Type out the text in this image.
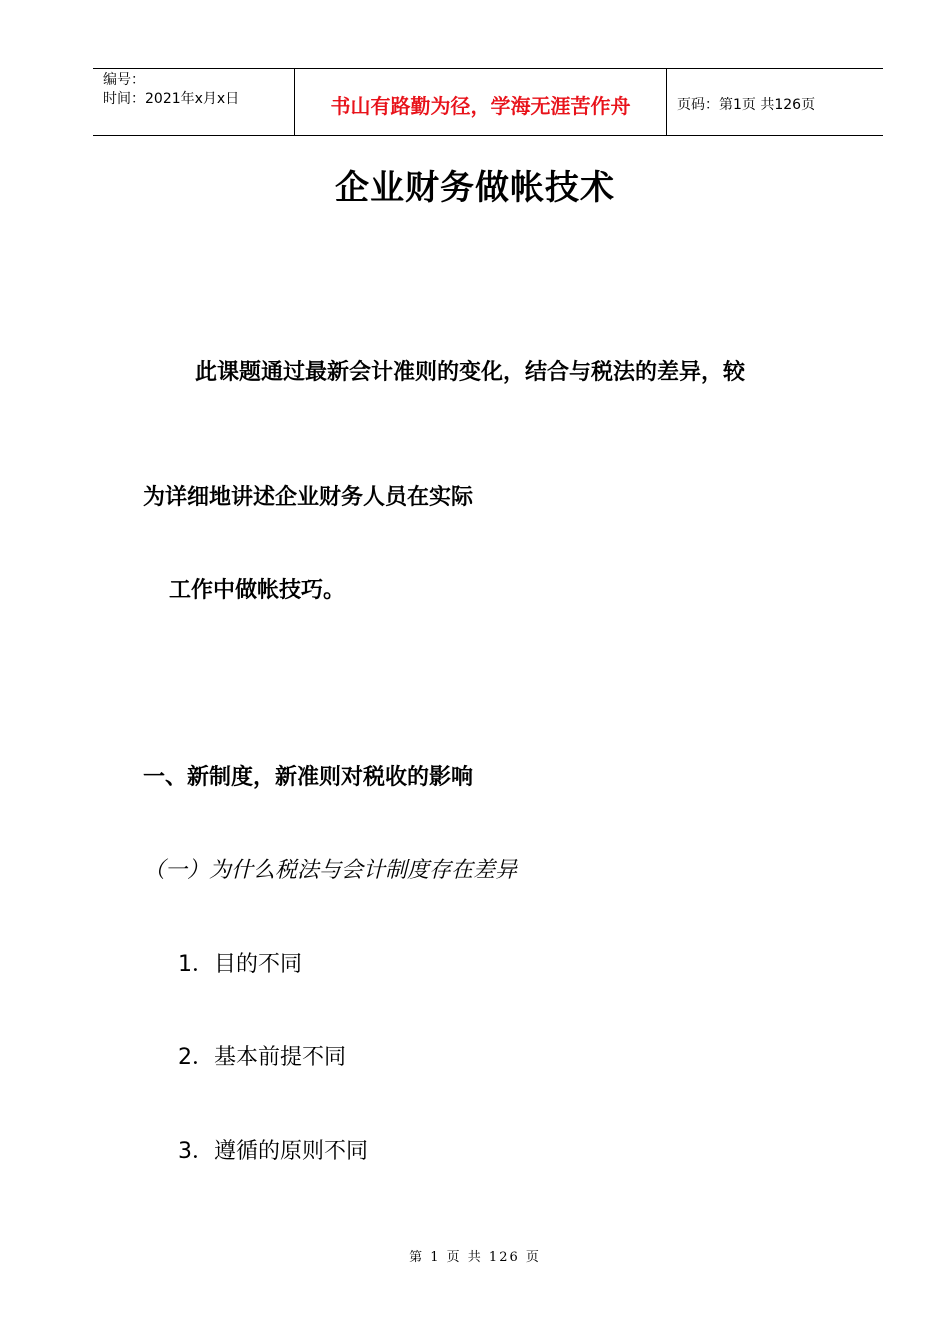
编号：
时间：2021年x月x日	书山有路勤为径，学海无涯苦作舟	页码：第1页 共126页
企业财务做帐技术
此课题通过最新会计准则的变化，结合与税法的差异，较
为详细地讲述企业财务人员在实际
工作中做帐技巧。
一、新制度，新准则对税收的影响
（一）为什么税法与会计制度存在差异
1．目的不同
2．基本前提不同
3．遵循的原则不同
第 1 页 共 126 页
